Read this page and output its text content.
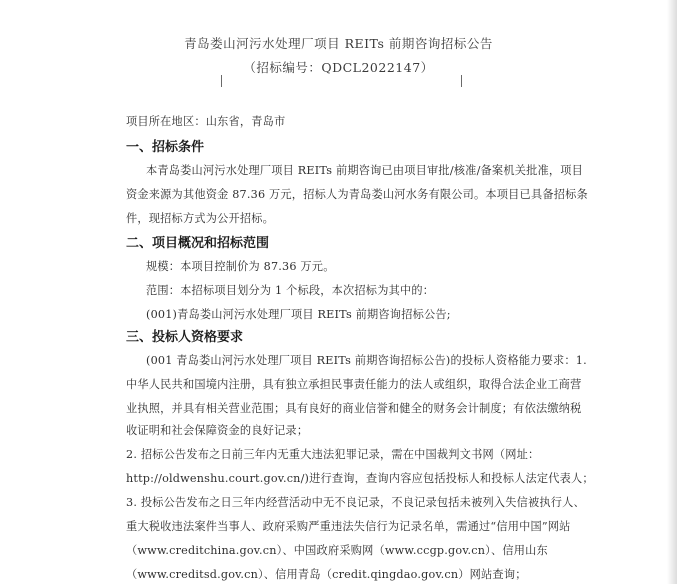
青岛娄山河污水处理厂项目 REITs 前期咨询招标公告
（招标编号：QDCL2022147）
项目所在地区：山东省，青岛市
一、招标条件
本青岛娄山河污水处理厂项目 REITs 前期咨询已由项目审批/核准/备案机关批准，项目
资金来源为其他资金 87.36 万元，招标人为青岛娄山河水务有限公司。本项目已具备招标条
件，现招标方式为公开招标。
二、项目概况和招标范围
规模：本项目控制价为 87.36 万元。
范围：本招标项目划分为 1 个标段，本次招标为其中的：
(001)青岛娄山河污水处理厂项目 REITs 前期咨询招标公告;
三、投标人资格要求
(001 青岛娄山河污水处理厂项目 REITs 前期咨询招标公告)的投标人资格能力要求：1.
中华人民共和国境内注册，具有独立承担民事责任能力的法人或组织，取得合法企业工商营
业执照，并具有相关营业范围；具有良好的商业信誉和健全的财务会计制度；有依法缴纳税
收证明和社会保障资金的良好记录；
2. 招标公告发布之日前三年内无重大违法犯罪记录，需在中国裁判文书网（网址：
http://oldwenshu.court.gov.cn/)进行查询，查询内容应包括投标人和投标人法定代表人；
3. 投标公告发布之日三年内经营活动中无不良记录，不良记录包括未被列入失信被执行人、
重大税收违法案件当事人、政府采购严重违法失信行为记录名单，需通过“信用中国”网站
（www.creditchina.gov.cn）、中国政府采购网（www.ccgp.gov.cn）、信用山东
（www.creditsd.gov.cn）、信用青岛（credit.qingdao.gov.cn）网站查询；
